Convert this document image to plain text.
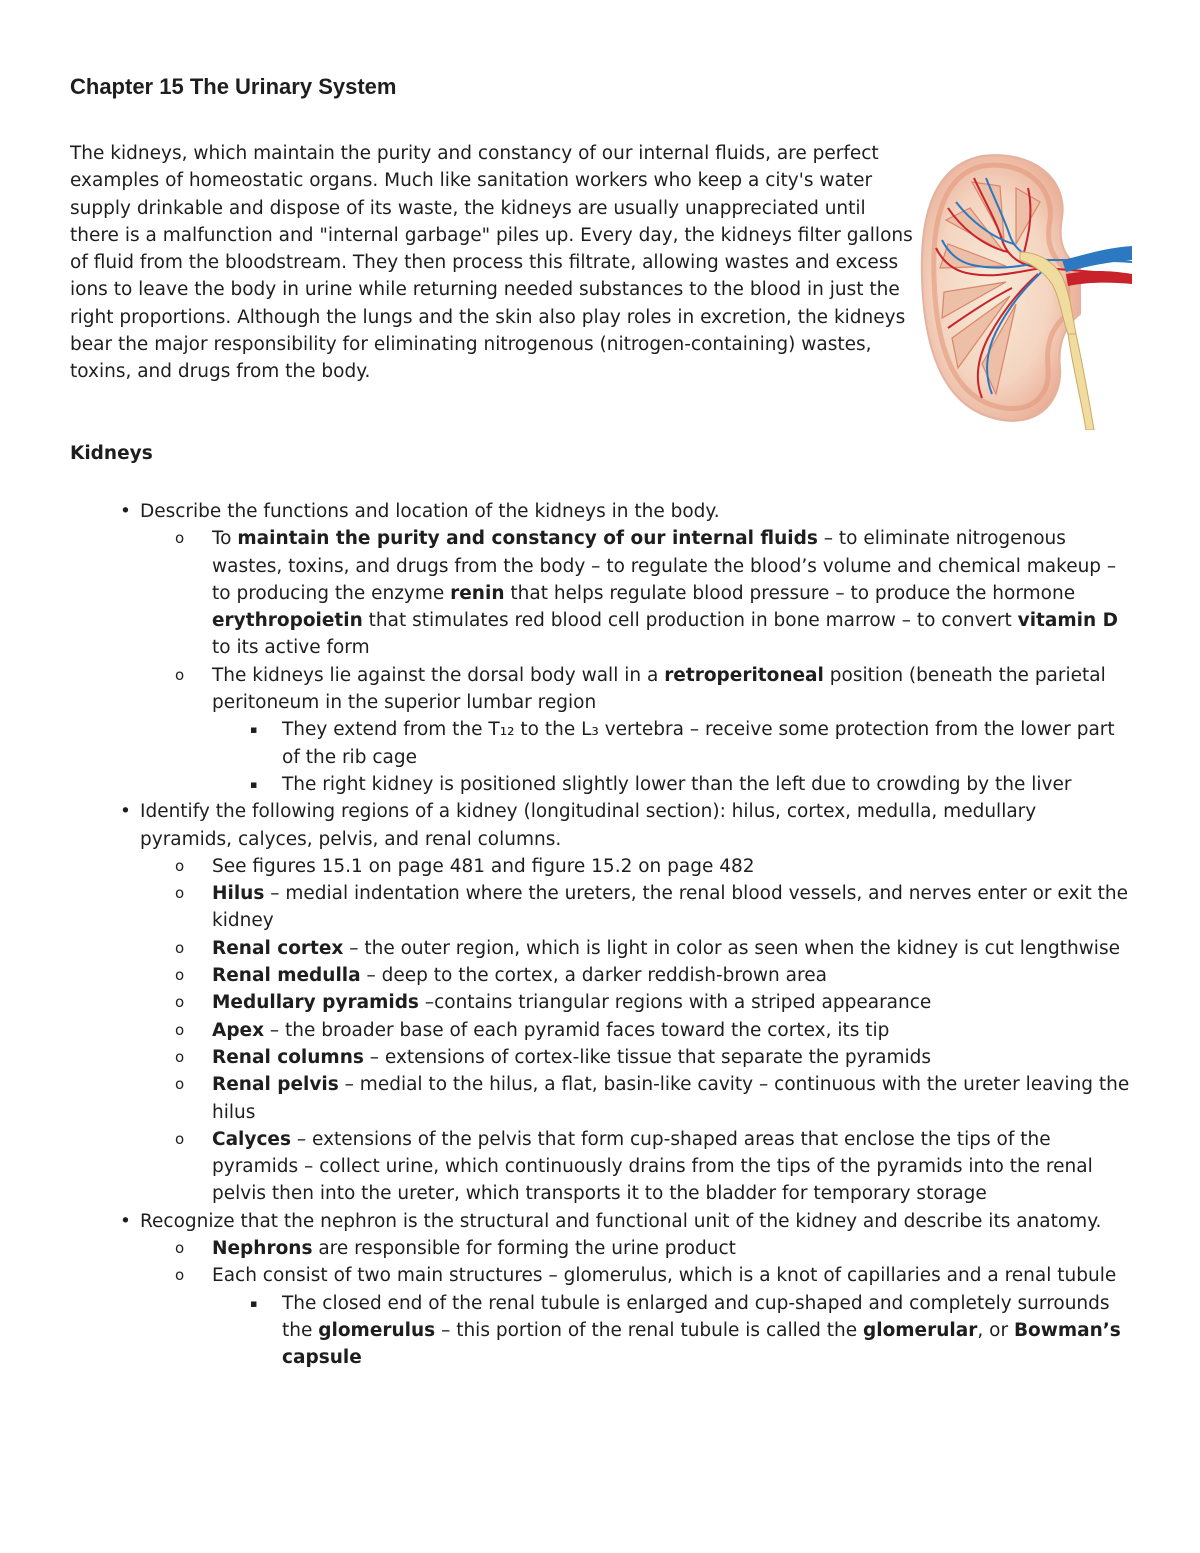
Chapter 15 The Urinary System

The kidneys, which maintain the purity and constancy of our internal fluids, are perfect examples of homeostatic organs. Much like sanitation workers who keep a city's water supply drinkable and dispose of its waste, the kidneys are usually unappreciated until there is a malfunction and "internal garbage" piles up. Every day, the kidneys filter gallons of fluid from the bloodstream. They then process this filtrate, allowing wastes and excess ions to leave the body in urine while returning needed substances to the blood in just the right proportions. Although the lungs and the skin also play roles in excretion, the kidneys bear the major responsibility for eliminating nitrogenous (nitrogen-containing) wastes, toxins, and drugs from the body.

Kidneys
• Describe the functions and location of the kidneys in the body.
o To maintain the purity and constancy of our internal fluids – to eliminate nitrogenous wastes, toxins, and drugs from the body – to regulate the blood’s volume and chemical makeup – to producing the enzyme renin that helps regulate blood pressure – to produce the hormone erythropoietin that stimulates red blood cell production in bone marrow – to convert vitamin D to its active form
o The kidneys lie against the dorsal body wall in a retroperitoneal position (beneath the parietal peritoneum in the superior lumbar region
▪ They extend from the T₁₂ to the L₃ vertebra – receive some protection from the lower part of the rib cage
▪ The right kidney is positioned slightly lower than the left due to crowding by the liver
• Identify the following regions of a kidney (longitudinal section): hilus, cortex, medulla, medullary pyramids, calyces, pelvis, and renal columns.
o See figures 15.1 on page 481 and figure 15.2 on page 482
o Hilus – medial indentation where the ureters, the renal blood vessels, and nerves enter or exit the kidney
o Renal cortex – the outer region, which is light in color as seen when the kidney is cut lengthwise
o Renal medulla – deep to the cortex, a darker reddish-brown area
o Medullary pyramids –contains triangular regions with a striped appearance
o Apex – the broader base of each pyramid faces toward the cortex, its tip
o Renal columns – extensions of cortex-like tissue that separate the pyramids
o Renal pelvis – medial to the hilus, a flat, basin-like cavity – continuous with the ureter leaving the hilus
o Calyces – extensions of the pelvis that form cup-shaped areas that enclose the tips of the pyramids – collect urine, which continuously drains from the tips of the pyramids into the renal pelvis then into the ureter, which transports it to the bladder for temporary storage
• Recognize that the nephron is the structural and functional unit of the kidney and describe its anatomy.
o Nephrons are responsible for forming the urine product
o Each consist of two main structures – glomerulus, which is a knot of capillaries and a renal tubule
▪ The closed end of the renal tubule is enlarged and cup-shaped and completely surrounds the glomerulus – this portion of the renal tubule is called the glomerular, or Bowman’s capsule
